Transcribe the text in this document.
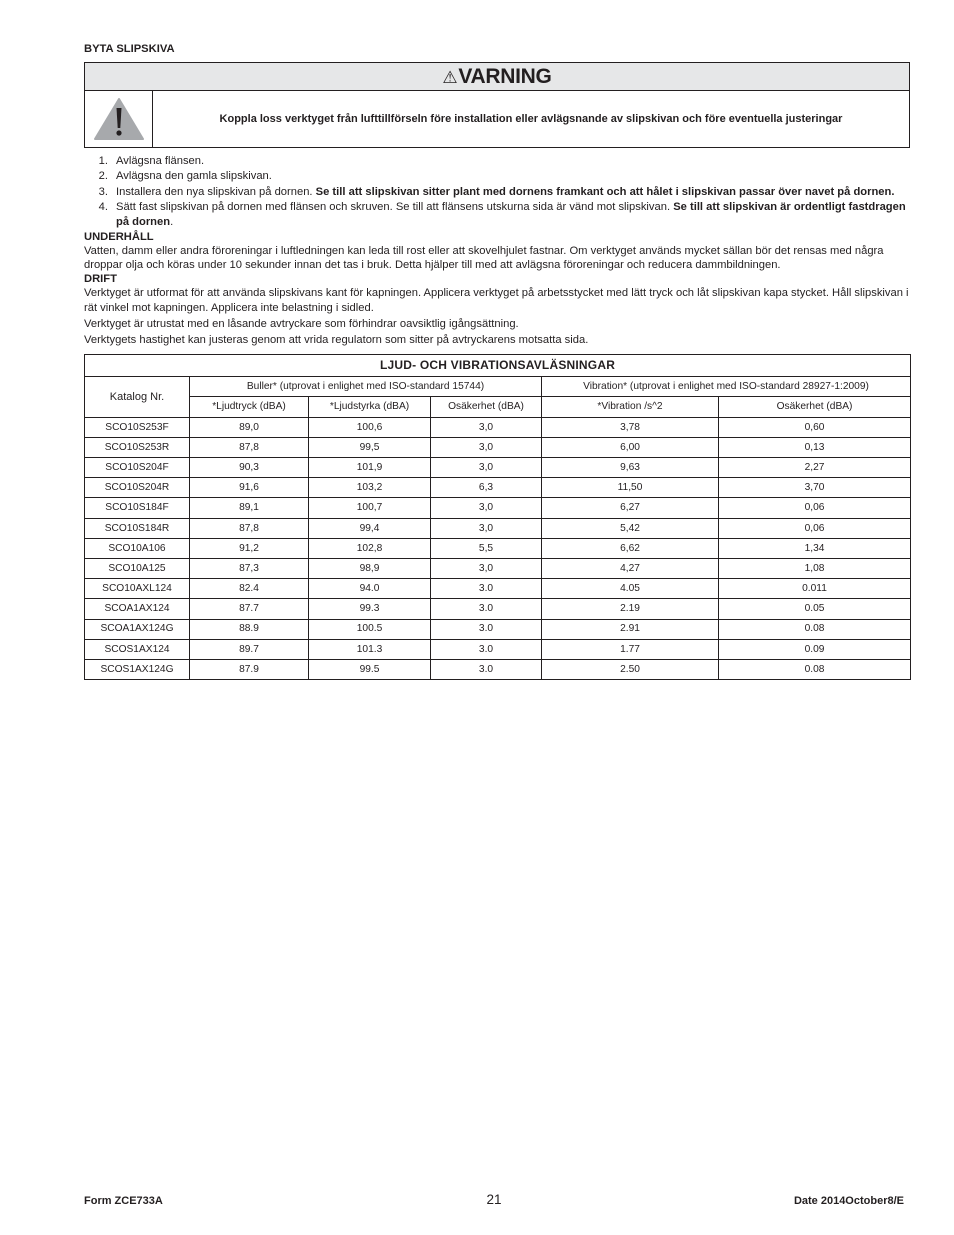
BYTA SLIPSKIVA
⚠VARNING
Koppla loss verktyget från lufttillförseln före installation eller avlägsnande av slipskivan och före eventuella justeringar
1. Avlägsna flänsen.
2. Avlägsna den gamla slipskivan.
3. Installera den nya slipskivan på dornen. Se till att slipskivan sitter plant med dornens framkant och att hålet i slipskivan passar över navet på dornen.
4. Sätt fast slipskivan på dornen med flänsen och skruven. Se till att flänsens utskurna sida är vänd mot slipskivan. Se till att slipskivan är ordentligt fastdragen på dornen.
UNDERHÅLL

Vatten, damm eller andra föroreningar i luftledningen kan leda till rost eller att skovelhjulet fastnar. Om verktyget används mycket sällan bör det rensas med några droppar olja och köras under 10 sekunder innan det tas i bruk. Detta hjälper till med att avlägsna föroreningar och reducera dammbildningen.

DRIFT

Verktyget är utformat för att använda slipskivans kant för kapningen. Applicera verktyget på arbetsstycket med lätt tryck och låt slipskivan kapa stycket. Håll slipskivan i rät vinkel mot kapningen. Applicera inte belastning i sidled.

Verktyget är utrustat med en låsande avtryckare som förhindrar oavsiktlig igångsättning.

Verktygets hastighet kan justeras genom att vrida regulatorn som sitter på avtryckarens motsatta sida.

LJUD- OCH VIBRATIONSAVLÄSNINGAR					
Katalog Nr.	Buller* (utprovat i enlighet med ISO-standard 15744)			Vibration* (utprovat i enlighet med ISO-standard 28927-1:2009)	
	*Ljudtryck (dBA)	*Ljudstyrka (dBA)	Osäkerhet (dBA)	*Vibration /s^2	Osäkerhet (dBA)
SCO10S253F	89,0	100,6	3,0	3,78	0,60
SCO10S253R	87,8	99,5	3,0	6,00	0,13
SCO10S204F	90,3	101,9	3,0	9,63	2,27
SCO10S204R	91,6	103,2	6,3	11,50	3,70
SCO10S184F	89,1	100,7	3,0	6,27	0,06
SCO10S184R	87,8	99,4	3,0	5,42	0,06
SCO10A106	91,2	102,8	5,5	6,62	1,34
SCO10A125	87,3	98,9	3,0	4,27	1,08
SCO10AXL124	82.4	94.0	3.0	4.05	0.011
SCOA1AX124	87.7	99.3	3.0	2.19	0.05
SCOA1AX124G	88.9	100.5	3.0	2.91	0.08
SCOS1AX124	89.7	101.3	3.0	1.77	0.09
SCOS1AX124G	87.9	99.5	3.0	2.50	0.08
Form ZCE733A	21	Date 2014October8/E
